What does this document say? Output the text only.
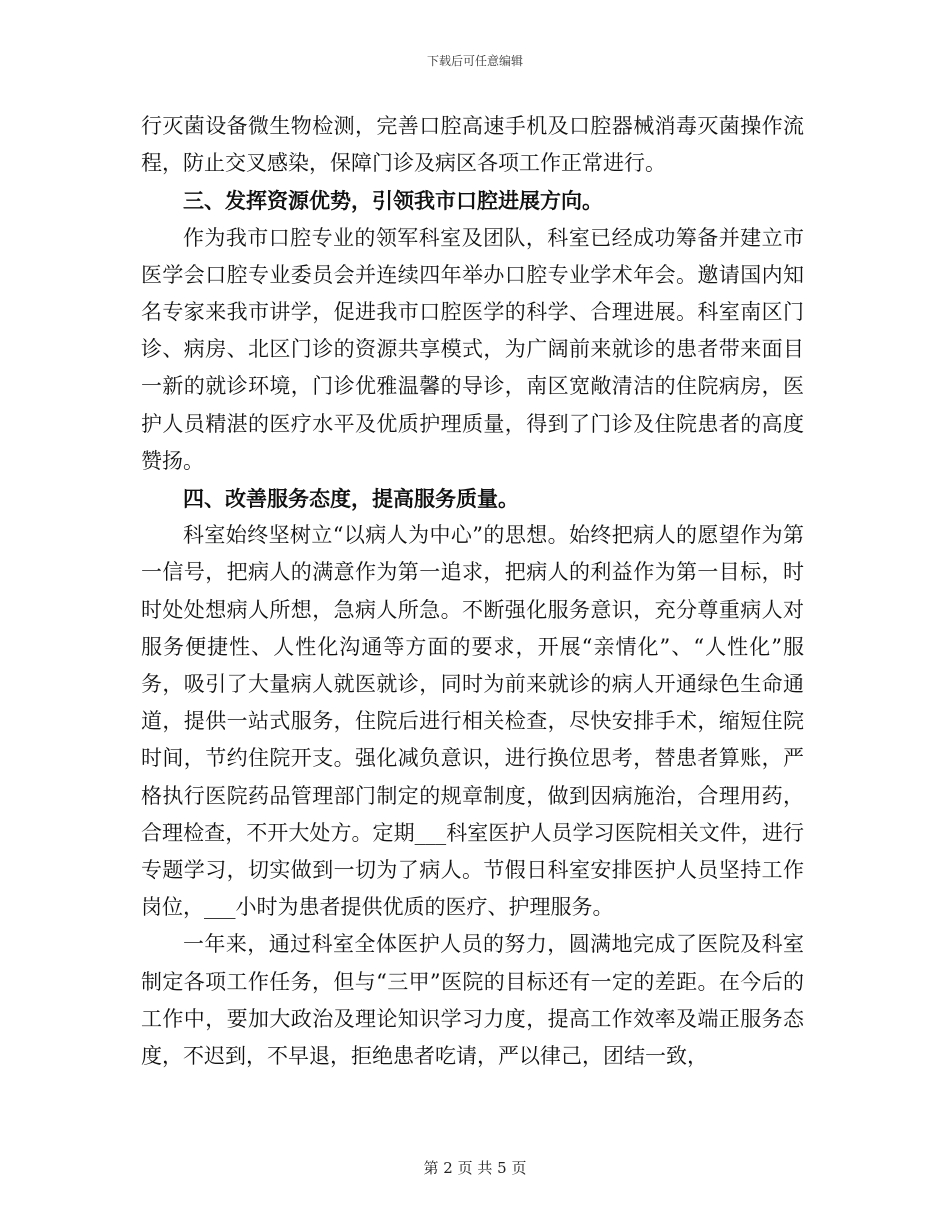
下载后可任意编辑

行灭菌设备微生物检测，完善口腔高速手机及口腔器械消毒灭菌操作流程，防止交叉感染，保障门诊及病区各项工作正常进行。

三、发挥资源优势，引领我市口腔进展方向。

作为我市口腔专业的领军科室及团队，科室已经成功筹备并建立市医学会口腔专业委员会并连续四年举办口腔专业学术年会。邀请国内知名专家来我市讲学，促进我市口腔医学的科学、合理进展。科室南区门诊、病房、北区门诊的资源共享模式，为广阔前来就诊的患者带来面目一新的就诊环境，门诊优雅温馨的导诊，南区宽敞清洁的住院病房，医护人员精湛的医疗水平及优质护理质量，得到了门诊及住院患者的高度赞扬。

四、改善服务态度，提高服务质量。

科室始终坚树立“以病人为中心”的思想。始终把病人的愿望作为第一信号，把病人的满意作为第一追求，把病人的利益作为第一目标，时时处处想病人所想，急病人所急。不断强化服务意识，充分尊重病人对服务便捷性、人性化沟通等方面的要求，开展“亲情化”、“人性化”服务，吸引了大量病人就医就诊，同时为前来就诊的病人开通绿色生命通道，提供一站式服务，住院后进行相关检查，尽快安排手术，缩短住院时间，节约住院开支。强化减负意识，进行换位思考，替患者算账，严格执行医院药品管理部门制定的规章制度，做到因病施治，合理用药，合理检查，不开大处方。定期___科室医护人员学习医院相关文件，进行专题学习，切实做到一切为了病人。节假日科室安排医护人员坚持工作岗位，___小时为患者提供优质的医疗、护理服务。

一年来，通过科室全体医护人员的努力，圆满地完成了医院及科室制定各项工作任务，但与“三甲”医院的目标还有一定的差距。在今后的工作中，要加大政治及理论知识学习力度，提高工作效率及端正服务态度，不迟到，不早退，拒绝患者吃请，严以律己，团结一致，

第 2 页 共 5 页
